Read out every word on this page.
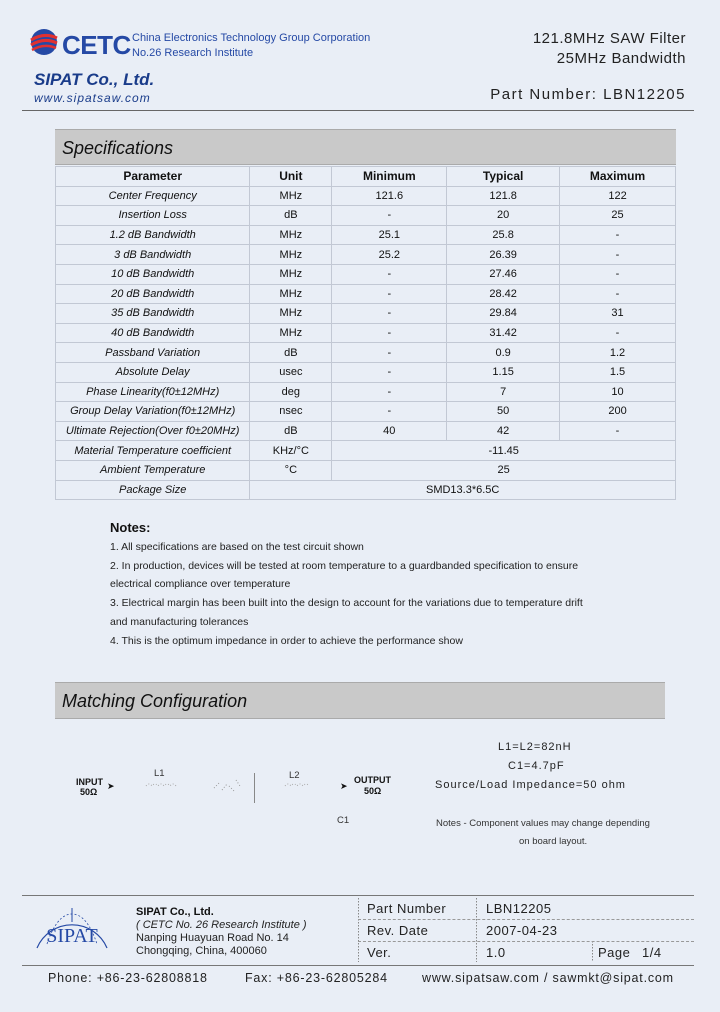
CETC China Electronics Technology Group Corporation
No.26 Research Institute
SIPAT Co., Ltd.
www.sipatsaw.com
121.8MHz SAW Filter
25MHz Bandwidth
Part Number: LBN12205
Specifications
Parameter	Unit	Minimum	Typical	Maximum
Center Frequency	MHz	121.6	121.8	122
Insertion Loss	dB	-	20	25
1.2 dB Bandwidth	MHz	25.1	25.8	-
3 dB Bandwidth	MHz	25.2	26.39	-
10 dB Bandwidth	MHz	-	27.46	-
20 dB Bandwidth	MHz	-	28.42	-
35 dB Bandwidth	MHz	-	29.84	31
40 dB Bandwidth	MHz	-	31.42	-
Passband Variation	dB	-	0.9	1.2
Absolute Delay	usec	-	1.15	1.5
Phase Linearity(f0±12MHz)	deg	-	7	10
Group Delay Variation(f0±12MHz)	nsec	-	50	200
Ultimate Rejection(Over f0±20MHz)	dB	40	42	-
Material Temperature coefficient	KHz/°C	-11.45		
Ambient Temperature	°C	25		
Package Size	SMD13.3*6.5C			
Notes:
1. All specifications are based on the test circuit shown
2. In production, devices will be tested at room temperature to a guardbanded specification to ensure
electrical compliance over temperature
3. Electrical margin has been built into the design to account for the variations due to temperature drift
and manufacturing tolerances
4. This is the optimum impedance in order to achieve the performance show
Matching Configuration
INPUT
50Ω
➤
L1	L2
➤
OUTPUT
50Ω
C1
L1=L2=82nH
C1=4.7pF
Source/Load Impedance=50 ohm
Notes - Component values may change depending
on board layout.
SIPAT
SIPAT Co., Ltd.
( CETC No. 26 Research Institute )
Nanping Huayuan Road No. 14
Chongqing, China, 400060
Part Number	LBN12205
Rev. Date	2007-04-23
Ver.	1.0	Page 1/4
Phone: +86-23-62808818	Fax: +86-23-62805284	www.sipatsaw.com / sawmkt@sipat.com
